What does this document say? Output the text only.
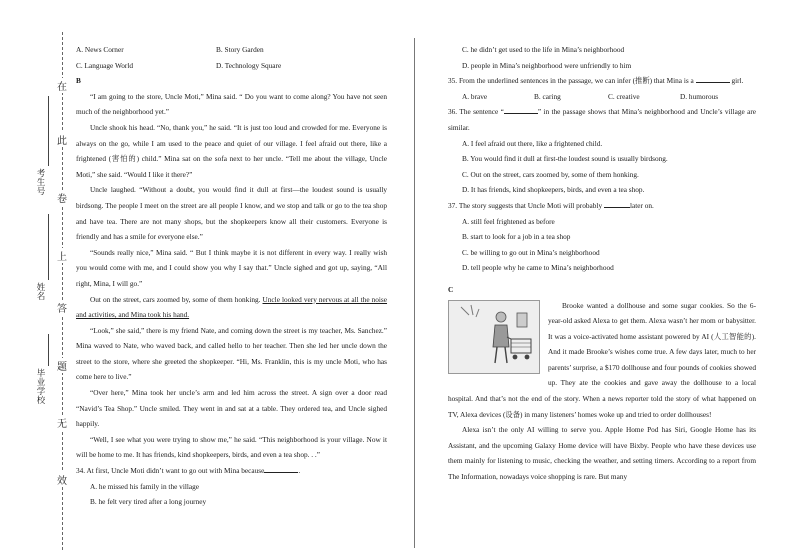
在
此
卷
上
答
题
无
效
考生号
姓名
毕业学校
A. News Corner	B. Story Garden
C. Language World	D. Technology Square

B

“I am going to the store, Uncle Moti,” Mina said. “ Do you want to come along? You have not seen much of the neighborhood yet.”

Uncle shook his head. “No, thank you,” he said. “It is just too loud and crowded for me. Everyone is always on the go, while I am used to the peace and quiet of our village. I feel afraid out there, like a frightened (害怕的) child.” Mina sat on the sofa next to her uncle. “Tell me about the village, Uncle Moti,” she said. “Would I like it there?”

Uncle laughed. “Without a doubt, you would find it dull at first—the loudest sound is usually birdsong. The people I meet on the street are all people I know, and we stop and talk or go to the tea shop and have tea. There are not many shops, but the shopkeepers know all their customers. Everyone is friendly and has a smile for everyone else.”

“Sounds really nice,” Mina said. “ But I think maybe it is not different in every way. I really wish you would come with me, and I could show you why I say that.” Uncle sighed and got up, saying, “All right, Mina, I will go.”

Out on the street, cars zoomed by, some of them honking. Uncle looked very nervous at all the noise and activities, and Mina took his hand.

“Look,” she said,” there is my friend Nate, and coming down the street is my teacher, Ms. Sanchez.” Mina waved to Nate, who waved back, and called hello to her teacher. Then she led her uncle down the street to the store, where she greeted the shopkeeper. “Hi, Ms. Franklin, this is my uncle Moti, who has come here to live.”

“Over here,” Mina took her uncle’s arm and led him across the street. A sign over a door read “Navid’s Tea Shop.” Uncle smiled. They went in and sat at a table. They ordered tea, and Uncle sighed happily.

“Well, I see what you were trying to show me,” he said. “This neighborhood is your village. Now it will be home to me. It has friends, kind shopkeepers, birds, and even a tea shop. . .”

34. At first, Uncle Moti didn’t want to go out with Mina because	.

A. he missed his family in the village

B. he felt very tired after a long journey

C. he didn’t get used to the life in Mina’s neighborhood

D. people in Mina’s neighborhood were unfriendly to him

35. From the underlined sentences in the passage, we can infer (推断) that Mina is a	girl.

A. brave	B. caring	C. creative	D. humorous

36. The sentence “	” in the passage shows that Mina’s neighborhood and Uncle’s village are similar.

A. I feel afraid out there, like a frightened child.

B. You would find it dull at first-the loudest sound is usually birdsong.

C. Out on the street, cars zoomed by, some of them honking.

D. It has friends, kind shopkeepers, birds, and even a tea shop.

37. The story suggests that Uncle Moti will probably	later on.

A. still feel frightened as before

B. start to look for a job in a tea shop

C. be willing to go out in Mina’s neighborhood

D. tell people why he came to Mina’s neighborhood

C

Brooke wanted a dollhouse and some sugar cookies. So the 6-year-old asked Alexa to get them. Alexa wasn’t her mom or babysitter. It was a voice-activated home assistant powered by AI (人工智能的). And it made Brooke’s wishes come true. A few days later, much to her parents’ surprise, a $170 dollhouse and four pounds of cookies showed up. They ate the cookies and gave away the dollhouse to a local hospital. And that’s not the end of the story. When a news reporter told the story of what happened on TV, Alexa devices (设备) in many listeners’ homes woke up and tried to order dollhouses!

Alexa isn’t the only AI willing to serve you. Apple Home Pod has Siri, Google Home has its Assistant, and the upcoming Galaxy Home device will have Bixby. People who have these devices use them mainly for listening to music, checking the weather, and setting timers. According to a report from The Information, nowadays voice shopping is rare. But many
